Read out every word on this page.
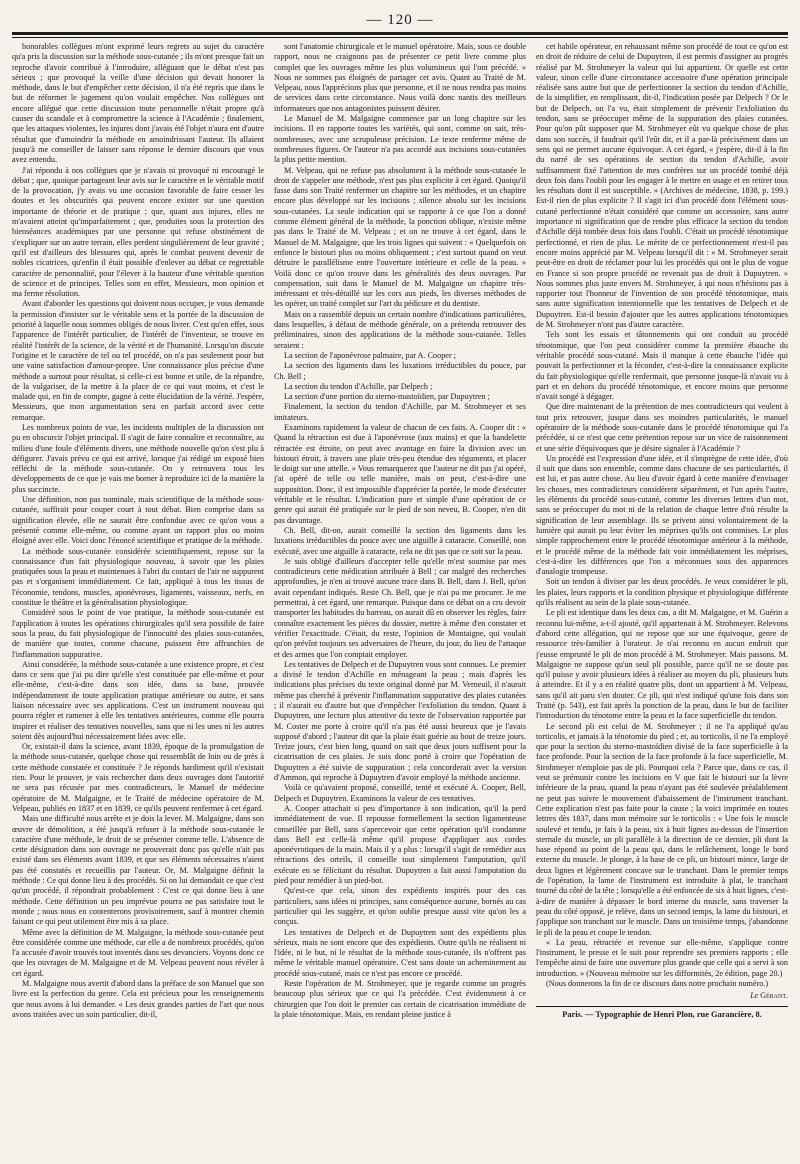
— 120 —

honorables collègues m'ont exprimé leurs regrets au sujet du caractère qu'a pris la discussion sur la méthode sous-cutanée ; ils m'ont presque fait un reproche d'avoir contribué à l'introduire, alléguant que le débat n'est pas sérieux ; que provoqué la veille d'une décision qui devait honorer la méthode, dans le but d'empêcher cette décision, il n'a été repris que dans le but de réformer le jugement qu'on voulait empêcher. Nos collègues ont encore allégué que cette discussion toute personnelle n'était propre qu'à causer du scandale et à compromettre la science à l'Académie ; finalement, que les attaques violentes, les injures dont j'avais été l'objet n'aura ent d'autre résultat que d'amoindrir la méthode en amoindrissant l'auteur. Ils allaient jusqu'à me conseiller de laisser sans réponse le dernier discours que vous avez entendu.

J'ai répondu à nos collègues que je n'avais ni provoqué ni encouragé le débat ; que, quoique partageant leur avis sur le caractère et le véritable motif de la provocation, j'y avais vu une occasion favorable de faire cesser les doutes et les obscurités qui peuvent encore exister sur une question importante de théorie et de pratique ; que, quant aux injures, elles ne m'avaient atteint qu'imparfaitement ; que, produites sous la protection des bienséances académiques par une personne qui refuse obstinément de s'expliquer sur un autre terrain, elles perdent singulièrement de leur gravité ; qu'il est d'ailleurs des blessures qui, après le combat peuvent devenir de nobles cicatrices, qu'enfin il était possible d'enlever au débat ce regrettable caractère de personnalité, pour l'élever à la hauteur d'une véritable question de science et de principes. Telles sont en effet, Messieurs, mon opinion et ma ferme résolution.

Avant d'aborder les questions qui doivent nous occuper, je vous demande la permission d'insister sur le véritable sens et la portée de la discussion de priorité à laquelle nous sommes obligés de nous livrer. C'est qu'en effet, sous l'apparence de l'intérêt particulier, de l'intérêt de l'inventeur, se trouve en réalité l'intérêt de la science, de la vérité et de l'humanité. Lorsqu'on discute l'origine et le caractère de tel ou tel procédé, on n'a pas seulement pour but une vaine satisfaction d'amour-propre. Une connaissance plus précise d'une méthode a surtout pour résultat, si celle-ci est bonne et utile, de la répandre, de la vulgariser, de la mettre à la place de ce qui vaut moins, et c'est le malade qui, en fin de compte, gagne à cette élucidation de la vérité. J'espère, Messieurs, que mon argumentation sera en parfait accord avec cette remarque.

Les nombreux points de vue, les incidents multiples de la discussion ont pu en obscurcir l'objet principal. Il s'agit de faire connaître et reconnaître, au milieu d'une foule d'éléments divers, une méthode nouvelle qu'on s'est plu à défigurer. J'avais prévu ce qui est arrivé, lorsque j'ai rédigé un exposé bien réfléchi de la méthode sous-cutanée. On y retrouvera tous les développements de ce que je vais me borner à reproduire ici de la manière la plus succincte.

Une définition, non pas nominale, mais scientifique de la méthode sous-cutanée, suffirait pour couper court à tout débat. Bien comprise dans sa signification élevée, elle ne saurait être confondue avec ce qu'on vous a présenté comme elle-même, ou comme ayant un rapport plus ou moins éloigné avec elle. Voici donc l'énoncé scientifique et pratique de la méthode.

La méthode sous-cutanée considérée scientifiquement, repose sur la connaissance d'un fait physiologique nouveau, à savoir que les plaies pratiquées sous la peau et maintenues à l'abri du contact de l'air ne suppurent pas et s'organisent immédiatement. Ce fait, appliqué à tous les tissus de l'économie, tendons, muscles, aponévroses, ligaments, vaisseaux, nerfs, en constitue le théâtre et la généralisation physiologique.

Considéré sous le point de vue pratique, la méthode sous-cutanée est l'application à toutes les opérations chirurgicales qu'il sera possible de faire sous la peau, du fait physiologique de l'innocuité des plaies sous-cutanées, de manière que toutes, comme chacune, puissent être affranchies de l'inflammation suppurative.

Ainsi considérée, la méthode sous-cutanée a une existence propre, et c'est dans ce sens que j'ai pu dire qu'elle s'est constituée par elle-même et pour elle-même, c'est-à-dire dans son idée, dans sa base, prouvée indépendamment de toute application pratique antérieure ou autre, et sans liaison nécessaire avec ses applications. C'est un instrument nouveau qui pourra régler et ramener à elle les tentatives antérieures, comme elle pourra inspirer et réaliser des tentatives nouvelles, sans que ni les unes ni les autres soient dès aujourd'hui nécessairement liées avec elle.

Or, existait-il dans la science, avant 1839, époque de la promulgation de la méthode sous-cutanée, quelque chose qui ressemblât de loin ou de près à cette méthode constatée et constituée ? Je réponds hardiment qu'il n'existait rien. Pour le prouver, je vais rechercher dans deux ouvrages dont l'autorité ne sera pas récusée par mes contradicteurs, le Manuel de médecine opératoire de M. Malgaigne, et le Traité de médecine opératoire de M. Velpeau, publiés en 1837 et en 1839, ce qu'ils peuvent renfermer à cet égard.

Mais une difficulté nous arrête et je dois la lever. M. Malgaigne, dans son œuvre de démolition, a été jusqu'à refuser à la méthode sous-cutanée le caractère d'une méthode, le droit de se présenter comme telle. L'absence de cette désignation dans son ouvrage ne prouverait donc pas qu'elle n'ait pas existé dans ses éléments avant 1839, et que ses éléments nécessaires n'aient pas été constatés et recueillis par l'auteur. Or, M. Malgaigne définit la méthode : Ce qui donne lieu à des procédés. Si on lui demandait ce que c'est qu'un procédé, il répondrait probablement : C'est ce qui donne lieu à une méthode. Cette définition un peu imprévue pourra ne pas satisfaire tout le monde ; nous nous en contenterons provisoirement, sauf à montrer chemin faisant ce qui peut utilement être mis à sa place.

Même avec la définition de M. Malgaigne, la méthode sous-cutanée peut être considérée comme une méthode, car elle a de nombreux procédés, qu'on l'a accusée d'avoir trouvés tout inventés dans ses devanciers. Voyons donc ce que les ouvrages de M. Malgaigne et de M. Velpeau peuvent nous révéler à cet égard.

M. Malgaigne nous avertit d'abord dans la préface de son Manuel que son livre est la perfection du genre. Cela est précieux pour les renseignements que nous avons à lui demander. « Les deux grandes parties de l'art que nous avons traitées avec un soin particulier, dit-il,

sont l'anatomie chirurgicale et le manuel opératoire. Mais, sous ce double rapport, nous ne craignons pas de présenter ce petit livre comme plus complet que les ouvrages même les plus volumineux qui l'ont précédé. » Nous ne sommes pas éloignés de partager cet avis. Quant au Traité de M. Velpeau, nous l'apprécions plus que personne, et il ne nous rendra pas moins de services dans cette circonstance. Nous voilà donc nantis des meilleurs informateurs que nos antagonistes puissent désirer.

Le Manuel de M. Malgaigne commence par un long chapitre sur les incisions. Il en rapporte toutes les variétés, qui sont, comme on sait, très-nombreuses, avec une scrupuleuse précision. Le texte renferme même de nombreuses figures. Or l'auteur n'a pas accordé aux incisions sous-cutanées la plus petite mention.

M. Velpeau, qui ne refuse pas absolument à la méthode sous-cutanée le droit de s'appeler une méthode, n'est pas plus explicite à cet égard. Quoiqu'il fasse dans son Traité renfermer un chapitre sur les méthodes, et un chapitre encore plus développé sur les incisions ; silence absolu sur les incisions sous-cutanées. La seule indication qui se rapporte à ce que l'on a donné comme élément général de la méthode, la ponction oblique, n'existe même pas dans le Traité de M. Velpeau ; et on ne trouve à cet égard, dans le Manuel de M. Malgaigne, que les trois lignes qui suivent : « Quelquefois on enfonce le bistouri plus ou moins obliquement ; c'est surtout quand on veut détruire le parallélisme entre l'ouverture intérieure et celle de la peau. » Voilà donc ce qu'on trouve dans les généralités des deux ouvrages. Par compensation, suit dans le Manuel de M. Malgaigne un chapitre très-intéressant et très-détaillé sur les cors aux pieds, les diverses méthodes de les opérer, un traité complet sur l'art du pédicure et du dentiste.

Mais on a rassemblé depuis un certain nombre d'indications particulières, dans lesquelles, à défaut de méthode générale, on a prétendu retrouver des préliminaires, sinon des applications de la méthode sous-cutanée. Telles seraient :

La section de l'aponévrose palmaire, par A. Cooper ;

La section des ligaments dans les luxations irréductibles du pouce, par Ch. Bell ;

La section du tendon d'Achille, par Delpech ;

La section d'une portion du sterno-mastoïdien, par Dupuytren ;

Finalement, la section du tendon d'Achille, par M. Strohmeyer et ses imitateurs.

Examinons rapidement la valeur de chacun de ces faits. A. Cooper dit : « Quand la rétraction est due à l'aponévrose (aux mains) et que la bandelette rétractée est étroite, on peut avec avantage en faire la division avec un bistouri étroit, à travers une plaie très-peu étendue des téguments, et placer le doigt sur une attelle. » Vous remarquerez que l'auteur ne dit pas j'ai opéré, j'ai opéré de telle ou telle manière, mais on peut, c'est-à-dire une supposition. Donc, il est impossible d'apprécier la portée, le mode d'exécuter véritable et le résultat. L'indication pure et simple d'une opération de ce genre qui aurait été pratiquée sur le pied de son neveu, B. Cooper, n'en dit pas davantage.

Ch. Bell, dit-on, aurait conseillé la section des ligaments dans les luxations irréductibles du pouce avec une aiguille à cataracte. Conseillé, non exécuté, avec une aiguille à cataracte, cela ne dit pas que ce soit sur la peau.

Je suis obligé d'ailleurs d'accepter telle qu'elle m'est soumise par mes contradicteurs cette médication attribuée à Bell ; car malgré des recherches approfondies, je n'en ai trouvé aucune trace dans B. Bell, dans J. Bell, qu'on avait cependant indiqués. Reste Ch. Bell, que je n'ai pu me procurer. Je me permettrai, à cet égard, une remarque. Puisque dans ce débat on a cru devoir transporter les habitudes du barreau, on aurait dû en observer les règles, faire connaître exactement les pièces du dossier, mettre à même d'en constater et vérifier l'exactitude. C'était, du reste, l'opinion de Montaigne, qui voulait qu'on prévînt toujours ses adversaires de l'heure, du jour, du lieu de l'attaque et des armes que l'on comptait employer.

Les tentatives de Delpech et de Dupuytren vous sont connues. Le premier a divisé le tendon d'Achille en ménageant la peau ; mais d'après les indications plus précises du texte original donné par M. Verneuil, il n'aurait même pas cherché à prévenir l'inflammation suppurative des plaies cutanées ; il n'aurait eu d'autre but que d'empêcher l'exfoliation du tendon. Quant à Dupuytren, une lecture plus attentive du texte de l'observation rapportée par M. Coster me porte à croire qu'il n'a pas été aussi heureux que je l'avais supposé d'abord ; l'auteur dit que la plaie était guérie au bout de treize jours. Treize jours, c'est bien long, quand on sait que deux jours suffisent pour la cicatrisation de ces plaies. Je suis donc porté à croire que l'opération de Dupuytren a été suivie de suppuration ; cela concorderait avec la version d'Ammon, qui reproche à Dupuytren d'avoir employé la méthode ancienne.

Voilà ce qu'avaient proposé, conseillé, tenté et exécuté A. Cooper, Bell, Delpech et Dupuytren. Examinons la valeur de ces tentatives.

A. Cooper attachait si peu d'importance à son indication, qu'il la perd immédiatement de vue. Il repousse formellement la section ligamenteuse conseillée par Bell, sans s'apercevoir que cette opération qu'il condamne dans Bell est celle-là même qu'il propose d'appliquer aux cordes aponévrotiques de la main. Mais il y a plus : lorsqu'il s'agit de remédier aux rétractions des orteils, il conseille tout simplement l'amputation, qu'il exécute en se félicitant du résultat. Dupuytren a fait aussi l'amputation du pied pour remédier à un pied-bot.

Qu'est-ce que cela, sinon des expédients inspirés pour des cas particuliers, sans idées ni principes, sans conséquence aucune, bornés au cas particulier qui les suggère, et qu'on oublie presque aussi vite qu'on les a conçus.

Les tentatives de Delpech et de Dupuytren sont des expédients plus sérieux, mais ne sont encore que des expédients. Outre qu'ils ne réalisent ni l'idée, ni le but, ni le résultat de la méthode sous-cutanée, ils n'offrent pas même le véritable manuel opératoire. C'est sans doute un acheminement au procédé sous-cutané, mais ce n'est pas encore ce procédé.

Reste l'opération de M. Strohmeyer, que je regarde comme un progrès beaucoup plus sérieux que ce qui l'a précédée. C'est évidemment à ce chirurgien que l'on doit le premier cas certain de cicatrisation immédiate de la plaie ténotomique. Mais, en rendant pleine justice à

cet habile opérateur, en rehaussant même son procédé de tout ce qu'on est en droit de réduire de celui de Dupuytren, il est permis d'assigner au progrès réalisé par M. Strohmeyer la valeur qui lui appartient. Or quelle est cette valeur, sinon celle d'une circonstance accessoire d'une opération principale réalisée sans autre but que de perfectionner la section du tendon d'Achille, de la simplifier, en remplissant, dit-il, l'indication posée par Delpech ? Or le but de Delpech, on l'a vu, était simplement de prévenir l'exfoliation du tendon, sans se préoccuper même de la suppuration des plaies cutanées. Pour qu'on pût supposer que M. Strohmeyer eût vu quelque chose de plus dans son succès, il faudrait qu'il l'eût dit, et il a par-là précisément dans un sens qui ne permet aucune équivoque. A cet égard, « j'espère, dit-il à la fin du narré de ses opérations de section du tendon d'Achille, avoir suffisamment fixé l'attention de mes confrères sur un procédé tombé déjà deux fois dans l'oubli pour les engager à le mettre en usage et en retirer tous les résultats dont il est susceptible. » (Archives de médecine, 1838, p. 199.) Est-il rien de plus explicite ? Il s'agit ici d'un procédé dont l'élément sous-cutané perfectionné n'était considéré que comme un accessoire, sans autre importance ni signification que de rendre plus efficace la section du tendon d'Achille déjà tombée deux fois dans l'oubli. C'était un procédé ténotomique perfectionné, et rien de plus. Le mérite de ce perfectionnement n'est-il pas encore moins apprécié par M. Velpeau lorsqu'il dit : « M. Strohmeyer serait peut-être en droit de réclamer pour lui les procédés qui ont le plus de vogue en France si son propre procédé ne revenait pas de droit à Dupuytren. » Nous sommes plus juste envers M. Strohmeyer, à qui nous n'hésitons pas à rapporter tout l'honneur de l'invention de son procédé ténotomique, mais sans autre signification intentionnelle que les tentatives de Delpech et de Dupuytren. Est-il besoin d'ajouter que les autres applications ténotomiques de M. Strohmeyer n'ont pas d'autre caractère.

Tels sont les essais et tâtonnements qui ont conduit au procédé ténotomique, que l'on peut considérer comme la première ébauche du véritable procédé sous-cutané. Mais il manque à cette ébauche l'idée qui pouvait la perfectionner et la féconder, c'est-à-dire la connaissance explicite du fait physiologique qu'elle renfermait, que personne jusque-là n'avait vu à part et en dehors du procédé ténotomique, et encore moins que personne n'avait songé à dégager.

Que dire maintenant de la prétention de mes contradicteurs qui veulent à tout prix retrouver, jusque dans ses moindres particularités, le manuel opératoire de la méthode sous-cutanée dans le procédé ténotomique qui l'a précédée, si ce n'est que cette prétention repose sur un vice de raisonnement et une série d'équivoques que je désire signaler à l'Académie ?

Un procédé est l'expression d'une idée, et il s'imprègne de cette idée, d'où il suit que dans son ensemble, comme dans chacune de ses particularités, il est lui, et pas autre chose. Au lieu d'avoir égard à cette manière d'envisager les choses, mes contradicteurs considèrent séparément, et l'un après l'autre, les éléments du procédé sous-cutané, comme les diverses lettres d'un mot, sans se préoccuper du mot ni de la relation de chaque lettre d'où résulte la signification de leur assemblage. Ils se privent ainsi volontairement de la lumière qui aurait pu leur éviter les méprises qu'ils ont commises. Le plus simple rapprochement entre le procédé ténotomique antérieur à la méthode, et le procédé même de la méthode fait voir immédiatement les méprises, c'est-à-dire les différences que l'on a méconnues sous des apparences d'analogie trompeuse.

Soit un tendon à diviser par les deux procédés. Je veux considérer le pli, les plaies, leurs rapports et la condition physique et physiologique différente qu'ils réalisent au sein de la plaie sous-cutanée.

Le pli est identique dans les deux cas, a dit M. Malgaigne, et M. Guérin a reconnu lui-même, a-t-il ajouté, qu'il appartenait à M. Strohmeyer. Relevons d'abord cette allégation, qui ne repose que sur une équivoque, genre de ressource très-familier à l'orateur. Je n'ai reconnu en aucun endroit que j'eusse emprunté le pli de mon procédé à M. Strohmeyer. Mais passons. M. Malgaigne ne suppose qu'un seul pli possible, parce qu'il ne se doute pas qu'il puisse y avoir plusieurs idées à réaliser au moyen du pli, plusieurs buts à atteindre. Et il y a en réalité quatre plis, dont un appartient à M. Velpeau, sans qu'il ait paru s'en douter. Ce pli, qui n'est indiqué qu'une fois dans son Traité (p. 543), est fait après la ponction de la peau, dans le but de faciliter l'introduction du ténotome entre la peau et la face superficielle du tendon.

Le second pli est celui de M. Strohmeyer ; il ne l'a appliqué qu'au torticolis, et jamais à la ténotomie du pied ; et, au torticolis, il ne l'a employé que pour la section du sterno-mastoïdien divisé de la face superficielle à la face profonde. Pour la section de la face profonde à la face superficielle, M. Strohmeyer n'emploie pas de pli. Pourquoi cela ? Parce que, dans ce cas, il veut se prémunir contre les incisions en V que fait le bistouri sur la lèvre inférieure de la peau, quand la peau n'ayant pas été soulevée préalablement ne peut pas suivre le mouvement d'abaissement de l'instrument tranchant. Cette explication n'est pas faite pour la cause ; la voici imprimée en toutes lettres dès 1837, dans mon mémoire sur le torticolis : « Une fois le muscle soulevé et tendu, je fais à la peau, six à huit lignes au-dessus de l'insertion sternale du muscle, un pli parallèle à la direction de ce dernier, pli dont la base répond au point de la peau qui, dans le relâchement, longe le bord externe du muscle. Je plonge, à la base de ce pli, un bistouri mince, large de deux lignes et légèrement concave sur le tranchant. Dans le premier temps de l'opération, la lame de l'instrument est introduite à plat, le tranchant tourné du côté de la tête ; lorsqu'elle a été enfoncée de six à huit lignes, c'est-à-dire de manière à dépasser le bord interne du muscle, sans traverser la peau du côté opposé, je relève, dans un second temps, la lame du bistouri, et j'applique son tranchant sur le muscle. Dans un troisième temps, j'abandonne le pli de la peau et coupe le tendon.

« La peau, rétractée et revenue sur elle-même, s'applique contre l'instrument, le presse et le suit pour reprendre ses premiers rapports ; elle l'empêche ainsi de faire une ouverture plus grande que celle qui a servi à son introduction. » (Nouveau mémoire sur les difformités, 2e édition, page 20.)

(Nous donnerons la fin de ce discours dans notre prochain numéro.)

Le Gérant.
Paris. — Typographie de Henri Plon, rue Garancière, 8.
